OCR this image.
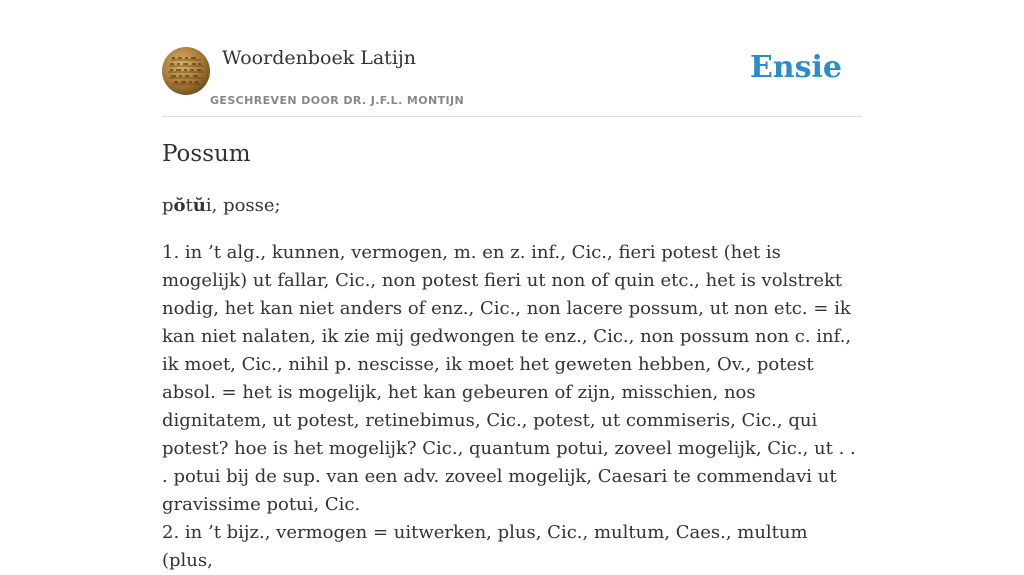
Woordenboek Latijn
GESCHREVEN DOOR DR. J.F.L. MONTIJN
Ensie
Possum
pŏtŭi, posse;

1. in ’t alg., kunnen, vermogen, m. en z. inf., Cic., fieri potest (het is mogelijk) ut fallar, Cic., non potest fieri ut non of quin etc., het is volstrekt nodig, het kan niet anders of enz., Cic., non lacere possum, ut non etc. = ik kan niet nalaten, ik zie mij gedwongen te enz., Cic., non possum non c. inf., ik moet, Cic., nihil p. nescisse, ik moet het geweten hebben, Ov., potest absol. = het is mogelijk, het kan gebeuren of zijn, misschien, nos dignitatem, ut potest, retinebimus, Cic., potest, ut commiseris, Cic., qui potest? hoe is het mogelijk? Cic., quantum potui, zoveel mogelijk, Cic., ut . . . potui bij de sup. van een adv. zoveel mogelijk, Caesari te commendavi ut gravissime potui, Cic.

2. in ’t bijz., vermogen = uitwerken, plus, Cic., multum, Caes., multum (plus,
